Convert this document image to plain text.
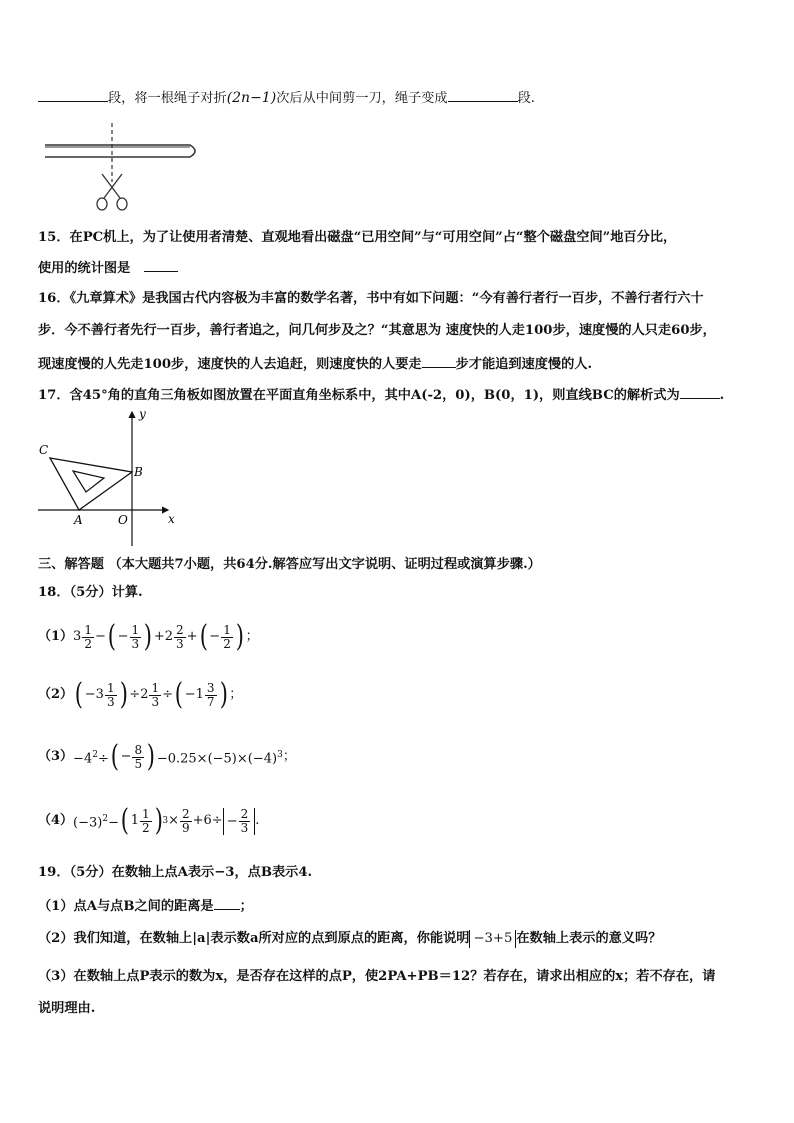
段，将一根绳子对折(2n−1)次后从中间剪一刀，绳子变成	段.
15．在PC机上，为了让使用者清楚、直观地看出磁盘“已用空间”与“可用空间”占“整个磁盘空间”地百分比，
使用的统计图是
16．《九章算术》是我国古代内容极为丰富的数学名著，书中有如下问题：“今有善行者行一百步，不善行者行六十
步．今不善行者先行一百步，善行者追之，问几何步及之？“其意思为 速度快的人走100步，速度慢的人只走60步，
现速度慢的人先走100步，速度快的人去追赶，则速度快的人要走	步才能追到速度慢的人.
17．含45°角的直角三角板如图放置在平面直角坐标系中，其中A(-2，0)，B(0，1)，则直线BC的解析式为	.
y
x
C
B
A	O
三、解答题 （本大题共7小题，共64分.解答应写出文字说明、证明过程或演算步骤.）
18．（5分）计算.
（1） $3 \frac{1}{2}$ − ( − $\frac{1}{3}$ ) $+2 \frac{2}{3}$ + ( − $\frac{1}{2}$ ) ；
（2） ( $-3 \frac{1}{3}$ ) $\div 2 \frac{1}{3}$ ÷ ( $-1 \frac{3}{7}$ ) ；
$(3) -4^2\div$ ( − $\frac{8}{5}$ ) $-0.25\times(-5)\times(-4)^3$ ；
（4） $(-3)^2-$ ( $1 \frac{1}{2}$ ) $3 \times \frac{2}{9} +6\div - \frac{2}{3}$ .
19．（5分）在数轴上点A表示−3，点B表示4.
（1）点A与点B之间的距离是 ；
（2）我们知道，在数轴上|a|表示数a所对应的点到原点的距离，你能说明 −3+5 在数轴上表示的意义吗？
（3）在数轴上点P表示的数为x，是否存在这样的点P，使2PA+PB＝12？若存在，请求出相应的x；若不存在，请
说明理由.
